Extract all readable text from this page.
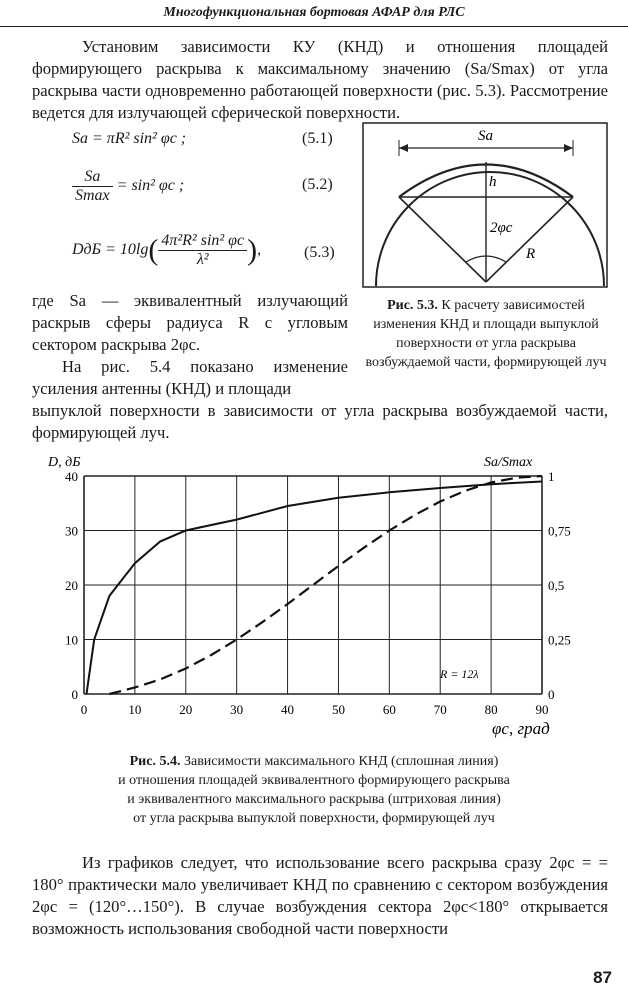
Многофункциональная бортовая АФАР для РЛС

Установим зависимости КУ (КНД) и отношения площадей формирующего раскрыва к максимальному значению (Sa/Smax) от угла раскрыва части одновременно работающей поверхности (рис. 5.3). Рассмотрение ведется для излучающей сферической поверхности.

Sa = πR² sin² φc ;	(5.1)
$\frac{Sa}{Smax} = \sin^2$ φc ;	(5.2)
DдБ = $10\lg( \frac{\text{4π²R² sin² φc}}{\text{λ²}}$ ),	(5.3)
Sa
h
2φc
R
Рис. 5.3. К расчету зависимостей изменения КНД и площади выпуклой поверхности от угла раскрыва возбуждаемой части, формирующей луч

где Sa — эквивалентный излучающий раскрыв сферы радиуса R с угловым сектором раскрыва 2φc.

На рис. 5.4 показано изменение усиления антенны (КНД) и площади

выпуклой поверхности в зависимости от угла раскрыва возбуждаемой части, формирующей луч.

0	10	20	30	40	50	60	70	80	90
0
10
20
30
40
0
0,25
0,5
0,75
1
D, дБ	Sa/Smax
φc, град
R = 12λ
Рис. 5.4. Зависимости максимального КНД (сплошная линия)
и отношения площадей эквивалентного формирующего раскрыва
и эквивалентного максимального раскрыва (штриховая линия)
от угла раскрыва выпуклой поверхности, формирующей луч

Из графиков следует, что использование всего раскрыва сразу 2φc = = 180° практически мало увеличивает КНД по сравнению с сектором возбуждения 2φc = (120°…150°). В случае возбуждения сектора 2φc<180° открывается возможность использования свободной части поверхности

87
